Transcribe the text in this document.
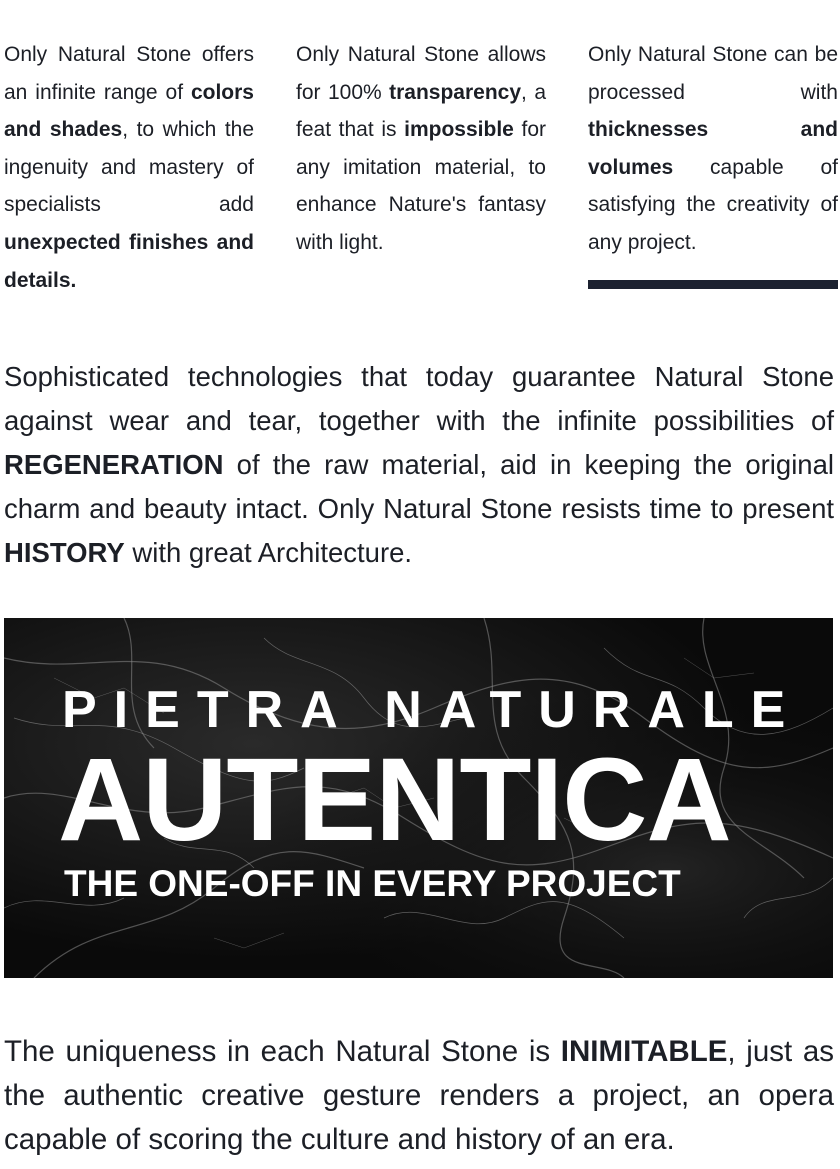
Only Natural Stone offers an infinite range of colors and shades, to which the ingenuity and mastery of specialists add unexpected finishes and details.
Only Natural Stone allows for 100% transparency, a feat that is impossible for any imitation material, to enhance Nature's fantasy with light.
Only Natural Stone can be processed with thicknesses and volumes capable of satisfying the creativity of any project.
Sophisticated technologies that today guarantee Natural Stone against wear and tear, together with the infinite possibilities of REGENERATION of the raw material, aid in keeping the original charm and beauty intact. Only Natural Stone resists time to present HISTORY with great Architecture.
PIETRA NATURALE
AUTENTICA
THE ONE-OFF IN EVERY PROJECT
The uniqueness in each Natural Stone is INIMITABLE, just as the authentic creative gesture renders a project, an opera capable of scoring the culture and history of an era.
